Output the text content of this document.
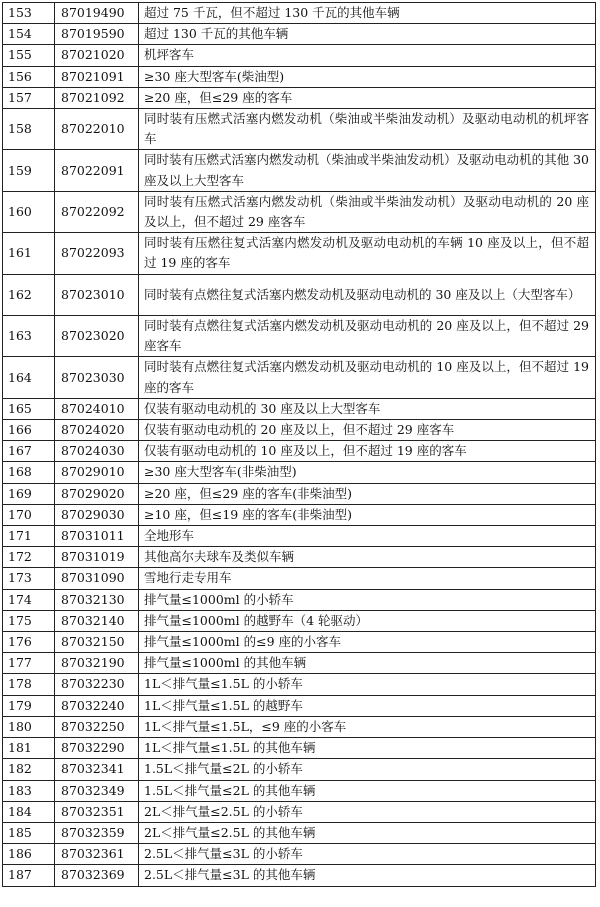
153	87019490	超过 75 千瓦，但不超过 130 千瓦的其他车辆
154	87019590	超过 130 千瓦的其他车辆
155	87021020	机坪客车
156	87021091	≥30 座大型客车(柴油型)
157	87021092	≥20 座，但≤29 座的客车
158	87022010	同时装有压燃式活塞内燃发动机（柴油或半柴油发动机）及驱动电动机的机坪客车
159	87022091	同时装有压燃式活塞内燃发动机（柴油或半柴油发动机）及驱动电动机的其他 30 座及以上大型客车
160	87022092	同时装有压燃式活塞内燃发动机（柴油或半柴油发动机）及驱动电动机的 20 座及以上，但不超过 29 座客车
161	87022093	同时装有压燃往复式活塞内燃发动机及驱动电动机的车辆 10 座及以上，但不超过 19 座的客车
162	87023010	同时装有点燃往复式活塞内燃发动机及驱动电动机的 30 座及以上（大型客车）
163	87023020	同时装有点燃往复式活塞内燃发动机及驱动电动机的 20 座及以上，但不超过 29 座客车
164	87023030	同时装有点燃往复式活塞内燃发动机及驱动电动机的 10 座及以上，但不超过 19 座的客车
165	87024010	仅装有驱动电动机的 30 座及以上大型客车
166	87024020	仅装有驱动电动机的 20 座及以上，但不超过 29 座客车
167	87024030	仅装有驱动电动机的 10 座及以上，但不超过 19 座的客车
168	87029010	≥30 座大型客车(非柴油型)
169	87029020	≥20 座，但≤29 座的客车(非柴油型)
170	87029030	≥10 座，但≤19 座的客车(非柴油型)
171	87031011	全地形车
172	87031019	其他高尔夫球车及类似车辆
173	87031090	雪地行走专用车
174	87032130	排气量≤1000ml 的小轿车
175	87032140	排气量≤1000ml 的越野车（4 轮驱动）
176	87032150	排气量≤1000ml 的≤9 座的小客车
177	87032190	排气量≤1000ml 的其他车辆
178	87032230	1L＜排气量≤1.5L 的小轿车
179	87032240	1L＜排气量≤1.5L 的越野车
180	87032250	1L＜排气量≤1.5L，≤9 座的小客车
181	87032290	1L＜排气量≤1.5L 的其他车辆
182	87032341	1.5L＜排气量≤2L 的小轿车
183	87032349	1.5L＜排气量≤2L 的其他车辆
184	87032351	2L＜排气量≤2.5L 的小轿车
185	87032359	2L＜排气量≤2.5L 的其他车辆
186	87032361	2.5L＜排气量≤3L 的小轿车
187	87032369	2.5L＜排气量≤3L 的其他车辆
